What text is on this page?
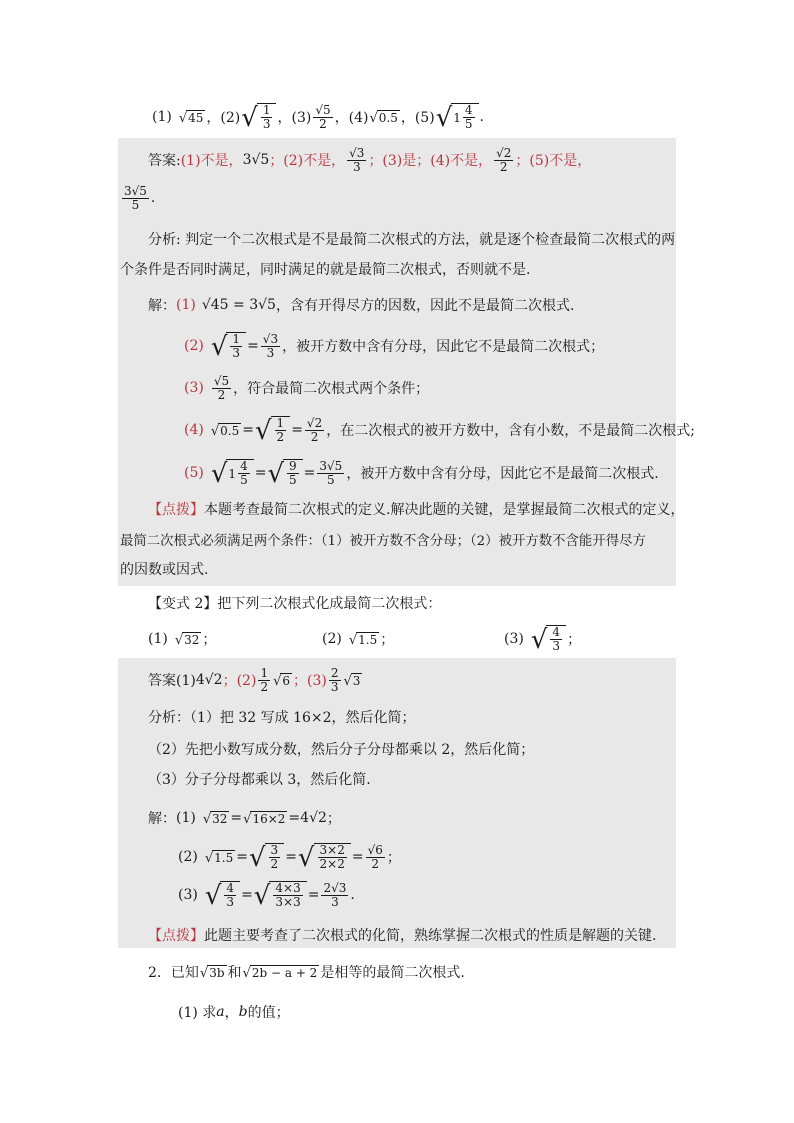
(1) √ 45 ，(2) √ $\frac{1}{3}$ ，$(3) \frac{√5}{2}$ ，(4) √ 0.5 ，(5) √ $1 \frac{4}{5}$ .
答案: (1)不是， 3√5 ；(2)不是， $\frac{√3}{3}$ ；(3)是；(4)不是， $\frac{√2}{2}$ ；(5)不是，
$\frac{3√5}{5}$ .
分析: 判定一个二次根式是不是最简二次根式的方法，就是逐个检查最简二次根式的两
个条件是否同时满足，同时满足的就是最简二次根式，否则就不是.
解： (1) √45 = 3√5 ，含有开得尽方的因数，因此不是最简二次根式.
(2) √ $\frac{1}{3} = \frac{√3}{3}$ ，被开方数中含有分母，因此它不是最简二次根式；
$(3) \frac{√5}{2}$ ，符合最简二次根式两个条件；
(4) √ 0.5 = √ $\frac{1}{2} = \frac{√2}{2}$ ，在二次根式的被开方数中，含有小数，不是最简二次根式;
(5) √ $1 \frac{4}{5}$ = √ $\frac{9}{5} = \frac{3√5}{5}$ ，被开方数中含有分母，因此它不是最简二次根式.
【点拨】 本题考查最简二次根式的定义.解决此题的关键，是掌握最简二次根式的定义，
最简二次根式必须满足两个条件：（1）被开方数不含分母；（2）被开方数不含能开得尽方
的因数或因式.
【变式 2】把下列二次根式化成最简二次根式：
(1) √ 32 ；	(2) √ 1.5 ；	(3) √ $\frac{4}{3}$ ；
答案(1) 4√2 ；$(2) \frac{1}{2}$ √ 6 ；$(3) \frac{2}{3}$ √ 3
分析：（1）把 32 写成 16×2，然后化简；
（2）先把小数写成分数，然后分子分母都乘以 2，然后化简；
（3）分子分母都乘以 3，然后化简.
解： (1) √ 32 = √ 16×2 = 4√2 ；
(2) √ 1.5 = √ $\frac{3}{2}$ = √ $\frac{3\times 2}{2\times 2} = \frac{√6}{2}$ ；
(3) √ $\frac{4}{3}$ = √ $\frac{4\times 3}{3\times 3} = \frac{2√3}{3}$ .
【点拨】 此题主要考查了二次根式的化简，熟练掌握二次根式的性质是解题的关键.
2．已知 √ 3b 和 √ 2b − a + 2 是相等的最简二次根式.
(1) 求 a ， b 的值；
